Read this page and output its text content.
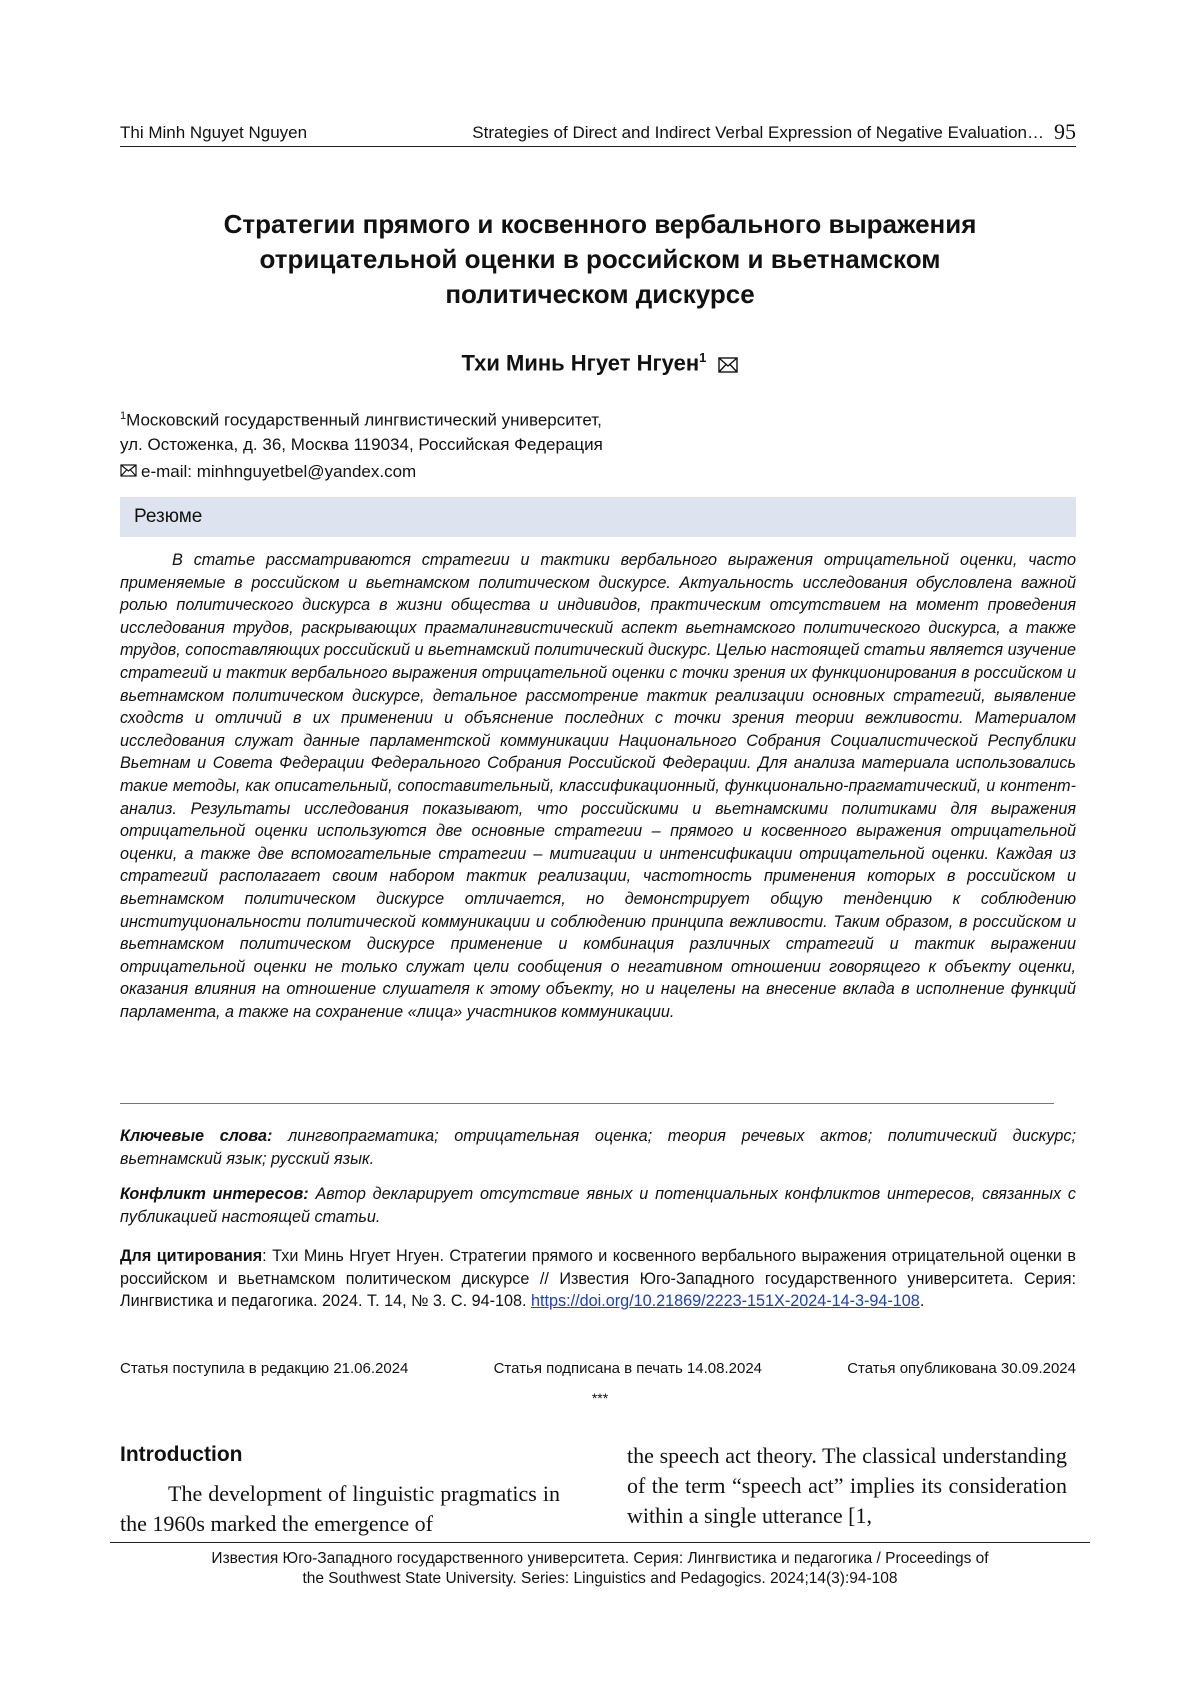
Thi Minh Nguyet Nguyen	Strategies of Direct and Indirect Verbal Expression of Negative Evaluation… 95
Стратегии прямого и косвенного вербального выражения
отрицательной оценки в российском и вьетнамском
политическом дискурсе
Тхи Минь Нгует Нгуен1
1Московский государственный лингвистический университет,
ул. Остоженка, д. 36, Москва 119034, Российская Федерация
e-mail: minhnguyetbel@yandex.com
Резюме
В статье рассматриваются стратегии и тактики вербального выражения отрицательной оценки, часто применяемые в российском и вьетнамском политическом дискурсе. Актуальность исследования обусловлена важной ролью политического дискурса в жизни общества и индивидов, практическим отсутствием на момент проведения исследования трудов, раскрывающих прагмалингвистический аспект вьетнамского политического дискурса, а также трудов, сопоставляющих российский и вьетнамский политический дискурс. Целью настоящей статьи является изучение стратегий и тактик вербального выражения отрицательной оценки с точки зрения их функционирования в российском и вьетнамском политическом дискурсе, детальное рассмотрение тактик реализации основных стратегий, выявление сходств и отличий в их применении и объяснение последних с точки зрения теории вежливости. Материалом исследования служат данные парламентской коммуникации Национального Собрания Социалистической Республики Вьетнам и Совета Федерации Федерального Собрания Российской Федерации. Для анализа материала использовались такие методы, как описательный, сопоставительный, классификационный, функционально-прагматический, и контент-анализ. Результаты исследования показывают, что российскими и вьетнамскими политиками для выражения отрицательной оценки используются две основные стратегии – прямого и косвенного выражения отрицательной оценки, а также две вспомогательные стратегии – митигации и интенсификации отрицательной оценки. Каждая из стратегий располагает своим набором тактик реализации, частотность применения которых в российском и вьетнамском политическом дискурсе отличается, но демонстрирует общую тенденцию к соблюдению институциональности политической коммуникации и соблюдению принципа вежливости. Таким образом, в российском и вьетнамском политическом дискурсе применение и комбинация различных стратегий и тактик выражении отрицательной оценки не только служат цели сообщения о негативном отношении говорящего к объекту оценки, оказания влияния на отношение слушателя к этому объекту, но и нацелены на внесение вклада в исполнение функций парламента, а также на сохранение «лица» участников коммуникации.
Ключевые слова: лингвопрагматика; отрицательная оценка; теория речевых актов; политический дискурс; вьетнамский язык; русский язык.
Конфликт интересов: Автор декларирует отсутствие явных и потенциальных конфликтов интересов, связанных с публикацией настоящей статьи.
Для цитирования: Тхи Минь Нгует Нгуен. Стратегии прямого и косвенного вербального выражения отрицательной оценки в российском и вьетнамском политическом дискурсе // Известия Юго-Западного государственного университета. Серия: Лингвистика и педагогика. 2024. Т. 14, № 3. С. 94-108. https://doi.org/10.21869/2223-151X-2024-14-3-94-108.
Статья поступила в редакцию 21.06.2024	Статья подписана в печать 14.08.2024	Статья опубликована 30.09.2024
***
Introduction
The development of linguistic pragmatics in the 1960s marked the emergence of
the speech act theory. The classical understanding of the term “speech act” implies its consideration within a single utterance [1,
Известия Юго-Западного государственного университета. Серия: Лингвистика и педагогика / Proceedings of
the Southwest State University. Series: Linguistics and Pedagogics. 2024;14(3):94-108
